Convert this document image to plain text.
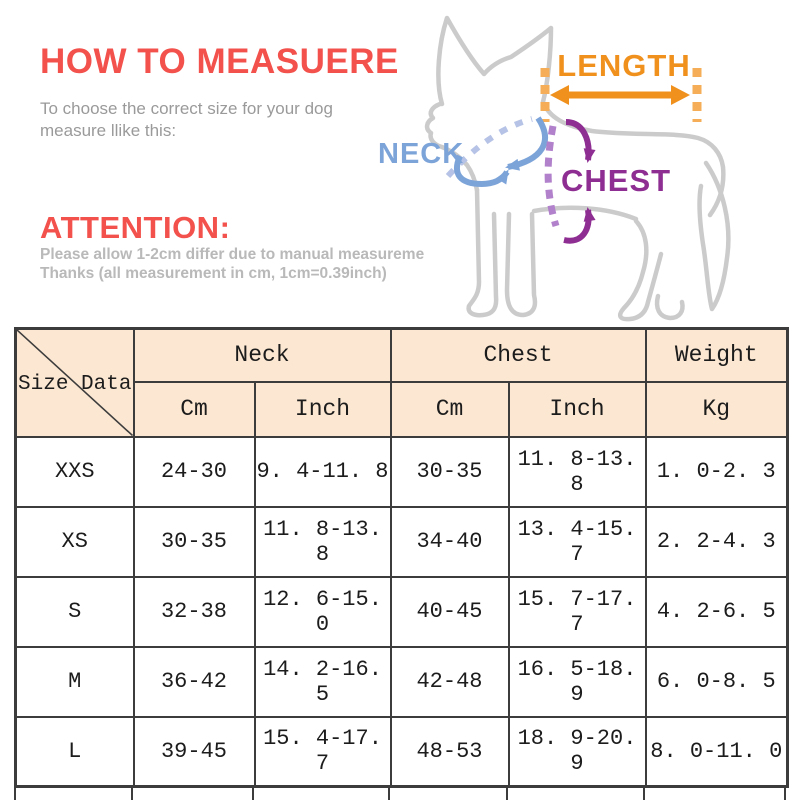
HOW TO MEASUERE
To choose the correct size for your dog
measure llike this:
ATTENTION:
Please allow 1-2cm differ due to manual measureme
Thanks (all measurement in cm, 1cm=0.39inch)
LENGTH
NECK
CHEST
Size Data	Neck		Chest		Weight
	Cm	Inch	Cm	Inch	Kg
XXS	24-30	9. 4-11. 8	30-35	11. 8-13. 8	1. 0-2. 3
XS	30-35	11. 8-13. 8	34-40	13. 4-15. 7	2. 2-4. 3
S	32-38	12. 6-15. 0	40-45	15. 7-17. 7	4. 2-6. 5
M	36-42	14. 2-16. 5	42-48	16. 5-18. 9	6. 0-8. 5
L	39-45	15. 4-17. 7	48-53	18. 9-20. 9	8. 0-11. 0
